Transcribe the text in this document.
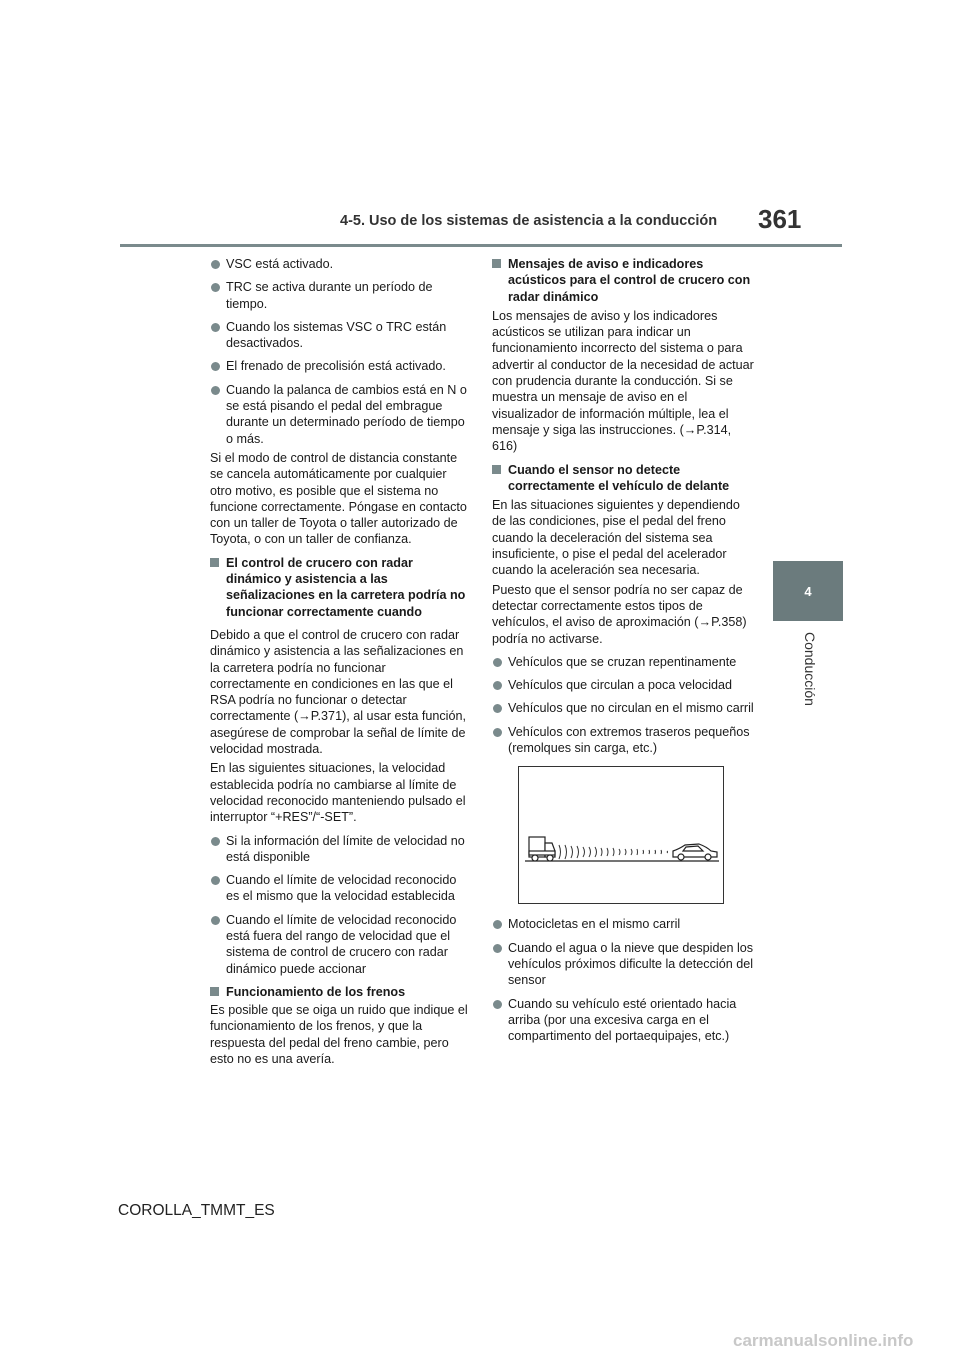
4-5. Uso de los sistemas de asistencia a la conducción 361
4
Conducción
VSC está activado.
TRC se activa durante un período de tiempo.
Cuando los sistemas VSC o TRC están desactivados.
El frenado de precolisión está activado.
Cuando la palanca de cambios está en N o se está pisando el pedal del embrague durante un determinado período de tiempo o más.

Si el modo de control de distancia constante se cancela automáticamente por cualquier otro motivo, es posible que el sistema no funcione correctamente. Póngase en contacto con un taller de Toyota o taller autorizado de Toyota, o con un taller de confianza.

El control de crucero con radar dinámico y asistencia a las señalizaciones en la carretera podría no funcionar correctamente cuando

Debido a que el control de crucero con radar dinámico y asistencia a las señalizaciones en la carretera podría no funcionar correctamente en condiciones en las que el RSA podría no funcionar o detectar correctamente (→P.371), al usar esta función, asegúrese de comprobar la señal de límite de velocidad mostrada.

En las siguientes situaciones, la velocidad establecida podría no cambiarse al límite de velocidad reconocido manteniendo pulsado el interruptor “+RES”/“-SET”.

Si la información del límite de velocidad no está disponible
Cuando el límite de velocidad reconocido es el mismo que la velocidad establecida
Cuando el límite de velocidad reconocido está fuera del rango de velocidad que el sistema de control de crucero con radar dinámico puede accionar
Funcionamiento de los frenos

Es posible que se oiga un ruido que indique el funcionamiento de los frenos, y que la respuesta del pedal del freno cambie, pero esto no es una avería.

Mensajes de aviso e indicadores acústicos para el control de crucero con radar dinámico

Los mensajes de aviso y los indicadores acústicos se utilizan para indicar un funcionamiento incorrecto del sistema o para advertir al conductor de la necesidad de actuar con prudencia durante la conducción. Si se muestra un mensaje de aviso en el visualizador de información múltiple, lea el mensaje y siga las instrucciones. (→P.314, 616)

Cuando el sensor no detecte correctamente el vehículo de delante

En las situaciones siguientes y dependiendo de las condiciones, pise el pedal del freno cuando la deceleración del sistema sea insuficiente, o pise el pedal del acelerador cuando la aceleración sea necesaria.

Puesto que el sensor podría no ser capaz de detectar correctamente estos tipos de vehículos, el aviso de aproximación (→P.358) podría no activarse.

Vehículos que se cruzan repentinamente
Vehículos que circulan a poca velocidad
Vehículos que no circulan en el mismo carril
Vehículos con extremos traseros pequeños (remolques sin carga, etc.)
Motocicletas en el mismo carril
Cuando el agua o la nieve que despiden los vehículos próximos dificulte la detección del sensor
Cuando su vehículo esté orientado hacia arriba (por una excesiva carga en el compartimento del portaequipajes, etc.)
COROLLA_TMMT_ES
carmanualsonline.info
